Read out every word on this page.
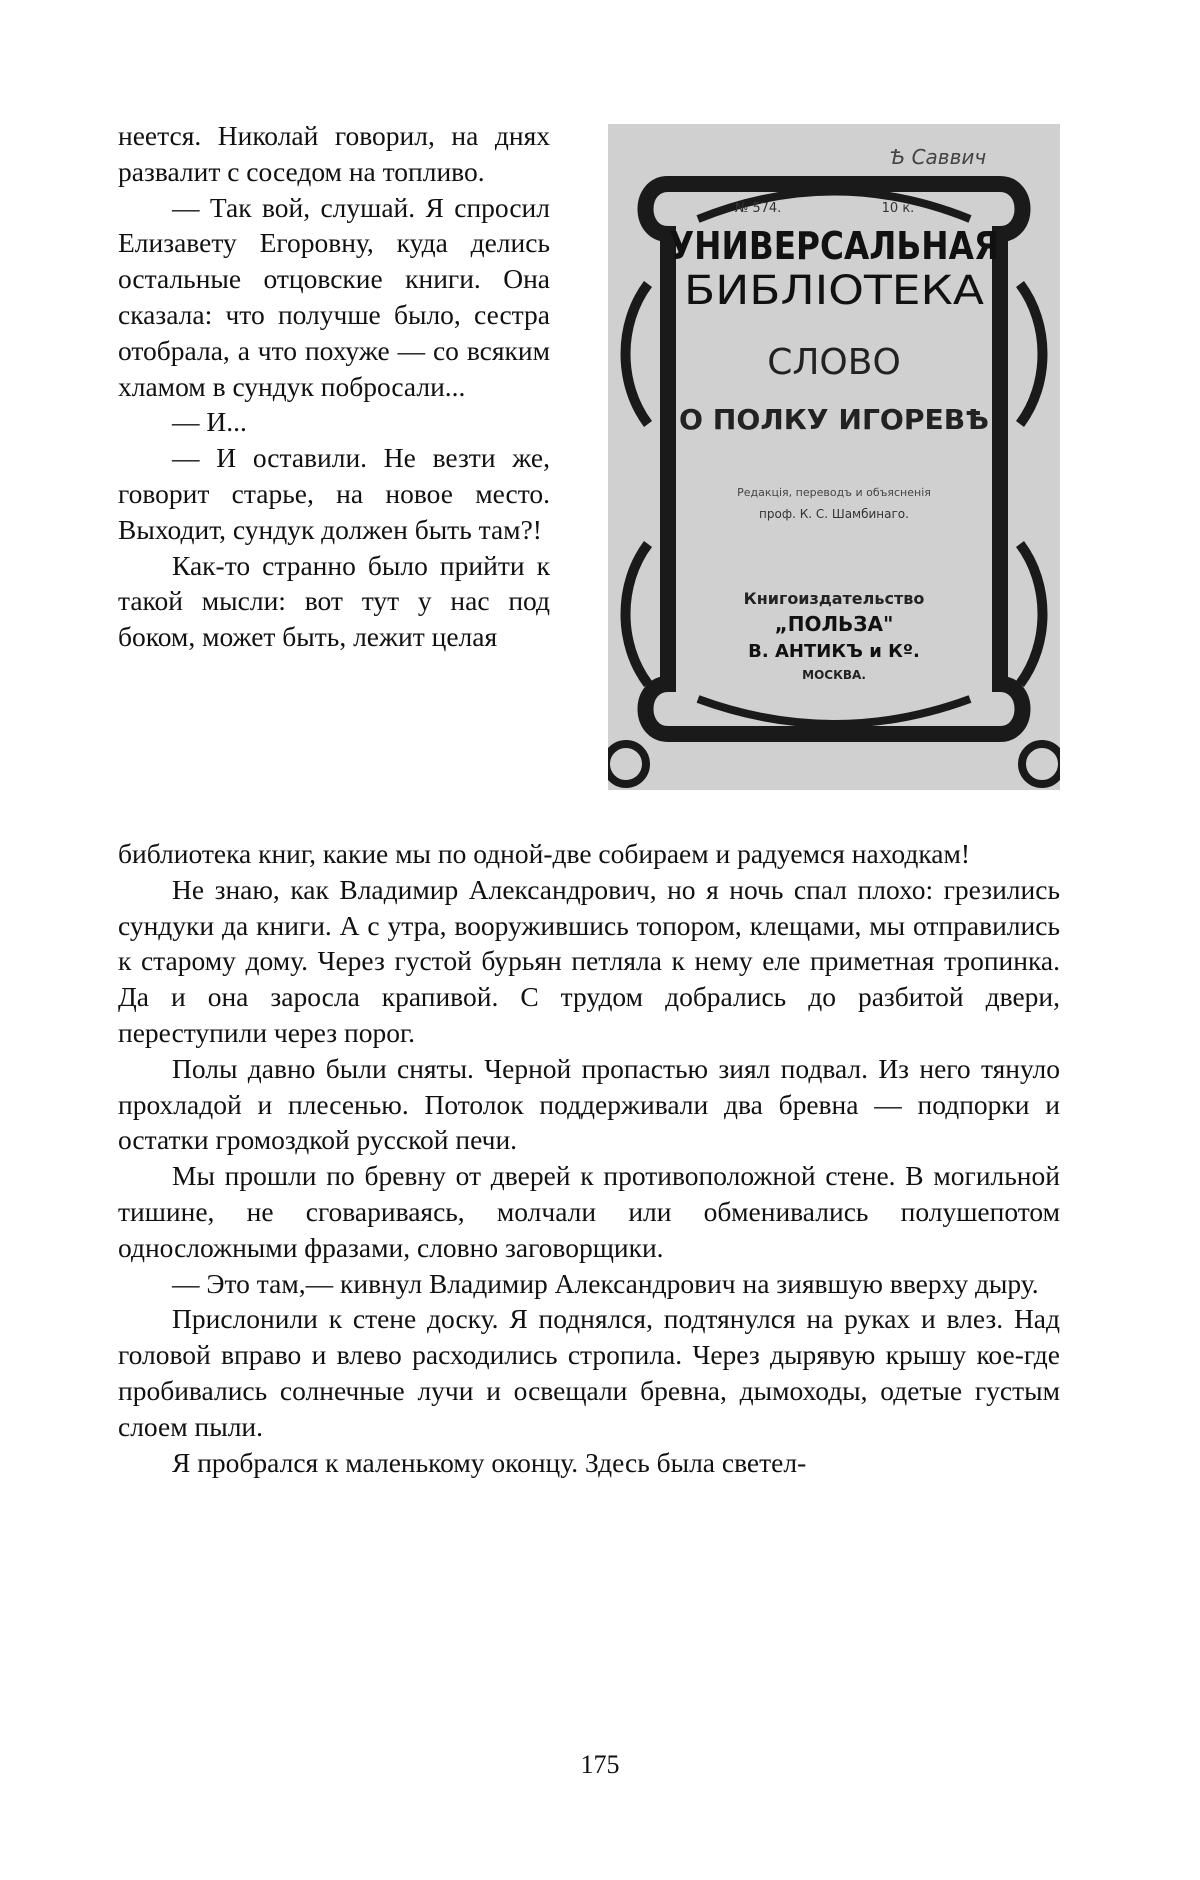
неется. Николай говорил, на днях развалит с соседом на топливо.

— Так вой, слушай. Я спросил Елизавету Егоровну, куда делись остальные отцовские книги. Она сказала: что получше было, сестра отобрала, а что похуже — со всяким хламом в сундук побросали...

— И...

— И оставили. Не везти же, говорит старье, на новое место. Выходит, сундук должен быть там?!

Как-то странно было прийти к такой мысли: вот тут у нас под боком, может быть, лежит целая

Ѣ Саввич
№ 574.	10 к.
УНИВЕРСАЛЬНАЯ
БИБЛІОТЕКА
СЛОВО
О ПОЛКУ ИГОРЕВѢ
Редакція, переводъ и объясненія
проф. К. С. Шамбинаго.
Книгоиздательство
„ПОЛЬЗА"
В. АНТИКЪ и Кº.
МОСКВА.

библиотека книг, какие мы по одной-две собираем и радуемся находкам!

Не знаю, как Владимир Александрович, но я ночь спал плохо: грезились сундуки да книги. А с утра, вооружившись топором, клещами, мы отправились к старому дому. Через густой бурьян петляла к нему еле приметная тропинка. Да и она заросла крапивой. С трудом добрались до разбитой двери, переступили через порог.

Полы давно были сняты. Черной пропастью зиял подвал. Из него тянуло прохладой и плесенью. Потолок поддерживали два бревна — подпорки и остатки громоздкой русской печи.

Мы прошли по бревну от дверей к противоположной стене. В могильной тишине, не сговариваясь, молчали или обменивались полушепотом односложными фразами, словно заговорщики.

— Это там,— кивнул Владимир Александрович на зиявшую вверху дыру.

Прислонили к стене доску. Я поднялся, подтянулся на руках и влез. Над головой вправо и влево расходились стропила. Через дырявую крышу кое-где пробивались солнечные лучи и освещали бревна, дымоходы, одетые густым слоем пыли.

Я пробрался к маленькому оконцу. Здесь была светел-

175
